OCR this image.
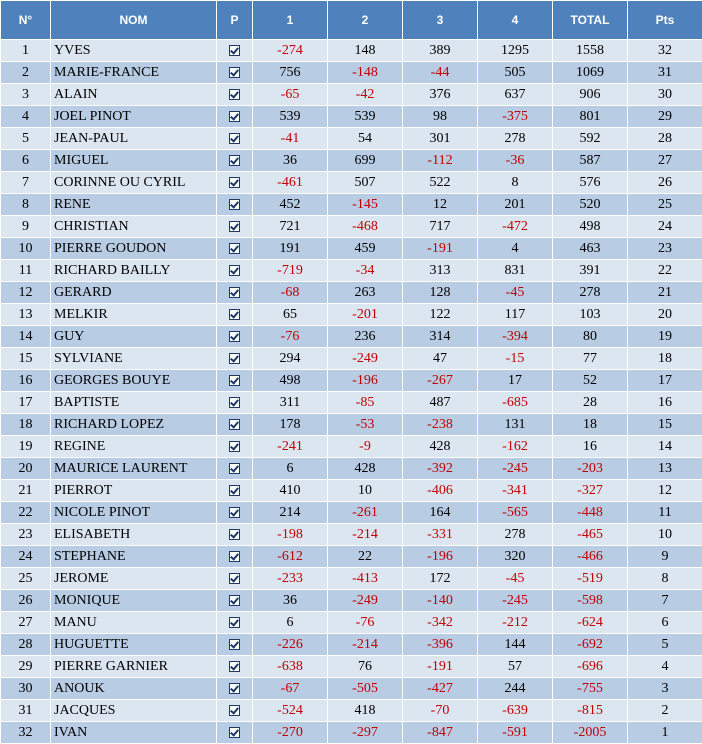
N°	NOM	P	1	2	3	4	TOTAL	Pts
1	YVES		-274	148	389	1295	1558	32
2	MARIE-FRANCE		756	-148	-44	505	1069	31
3	ALAIN		-65	-42	376	637	906	30
4	JOEL PINOT		539	539	98	-375	801	29
5	JEAN-PAUL		-41	54	301	278	592	28
6	MIGUEL		36	699	-112	-36	587	27
7	CORINNE OU CYRIL		-461	507	522	8	576	26
8	RENE		452	-145	12	201	520	25
9	CHRISTIAN		721	-468	717	-472	498	24
10	PIERRE GOUDON		191	459	-191	4	463	23
11	RICHARD BAILLY		-719	-34	313	831	391	22
12	GERARD		-68	263	128	-45	278	21
13	MELKIR		65	-201	122	117	103	20
14	GUY		-76	236	314	-394	80	19
15	SYLVIANE		294	-249	47	-15	77	18
16	GEORGES BOUYE		498	-196	-267	17	52	17
17	BAPTISTE		311	-85	487	-685	28	16
18	RICHARD LOPEZ		178	-53	-238	131	18	15
19	REGINE		-241	-9	428	-162	16	14
20	MAURICE LAURENT		6	428	-392	-245	-203	13
21	PIERROT		410	10	-406	-341	-327	12
22	NICOLE PINOT		214	-261	164	-565	-448	11
23	ELISABETH		-198	-214	-331	278	-465	10
24	STEPHANE		-612	22	-196	320	-466	9
25	JEROME		-233	-413	172	-45	-519	8
26	MONIQUE		36	-249	-140	-245	-598	7
27	MANU		6	-76	-342	-212	-624	6
28	HUGUETTE		-226	-214	-396	144	-692	5
29	PIERRE GARNIER		-638	76	-191	57	-696	4
30	ANOUK		-67	-505	-427	244	-755	3
31	JACQUES		-524	418	-70	-639	-815	2
32	IVAN		-270	-297	-847	-591	-2005	1
